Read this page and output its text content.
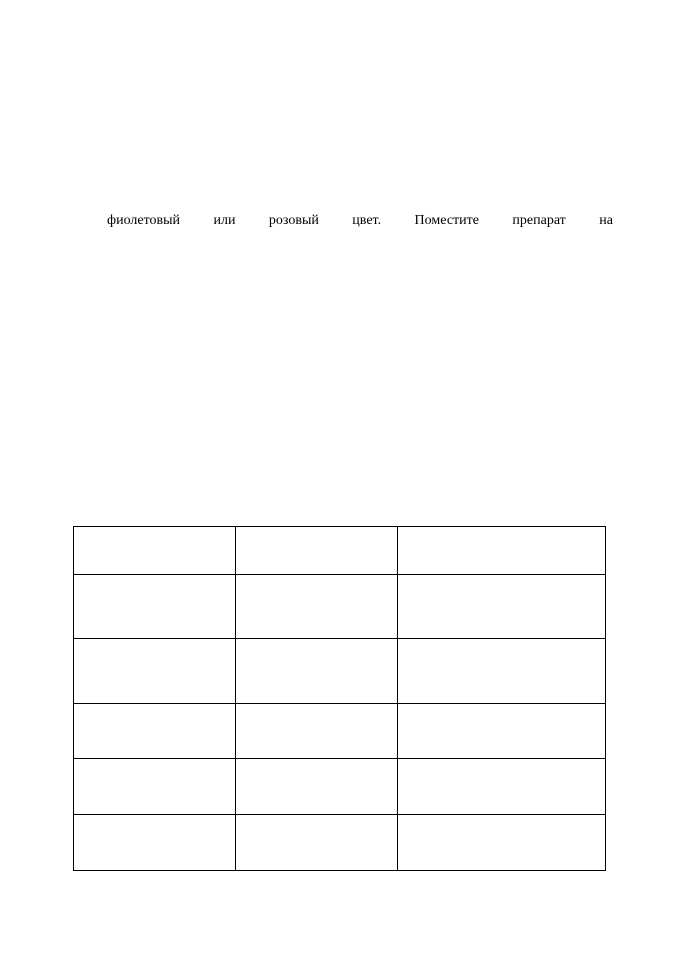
фиолетовый или розовый цвет. Поместите препарат на
